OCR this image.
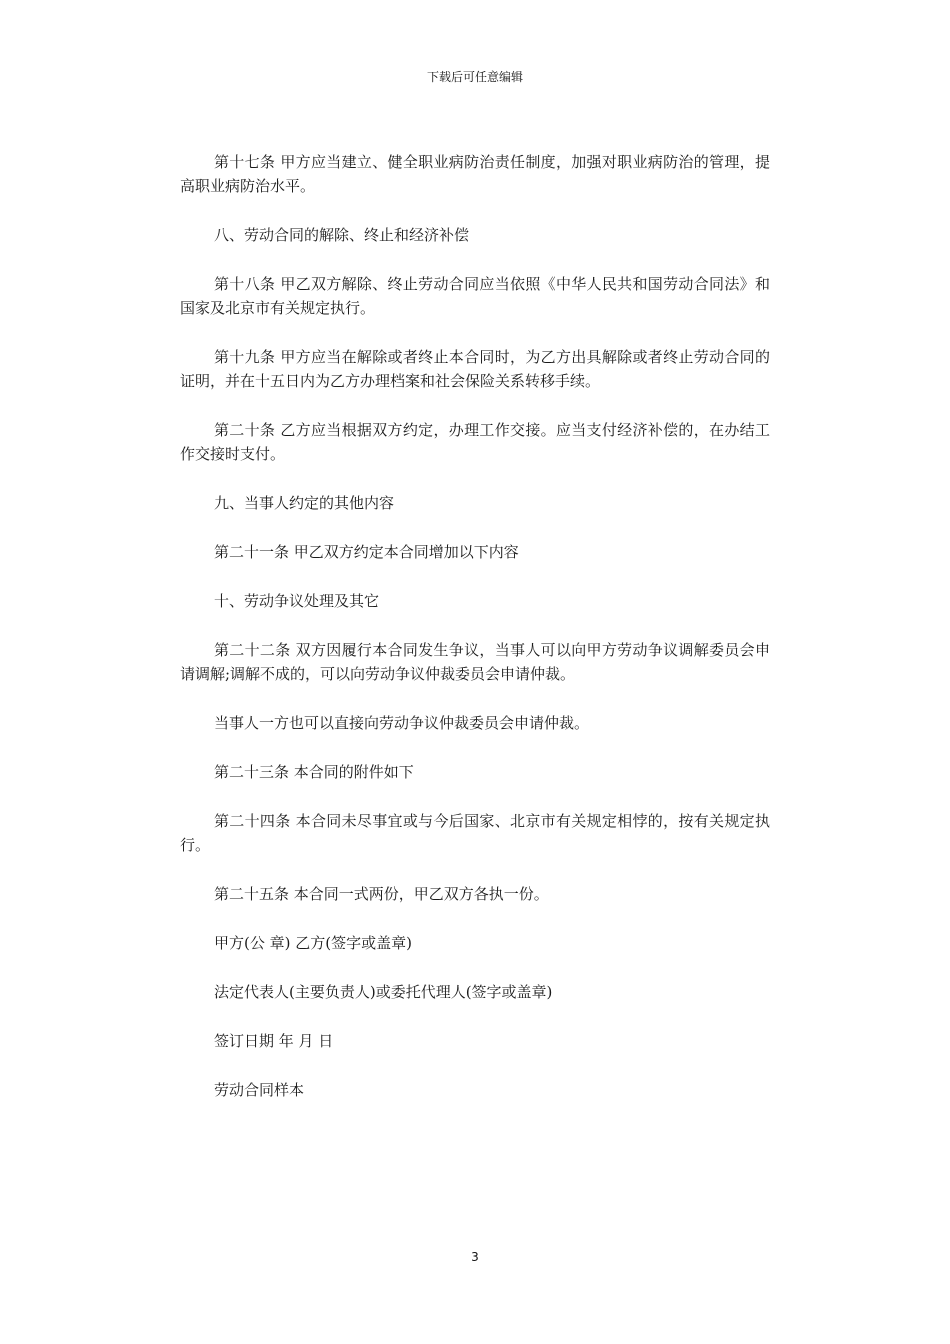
下载后可任意编辑

第十七条 甲方应当建立、健全职业病防治责任制度，加强对职业病防治的管理，提高职业病防治水平。

八、劳动合同的解除、终止和经济补偿

第十八条 甲乙双方解除、终止劳动合同应当依照《中华人民共和国劳动合同法》和国家及北京市有关规定执行。

第十九条 甲方应当在解除或者终止本合同时，为乙方出具解除或者终止劳动合同的证明，并在十五日内为乙方办理档案和社会保险关系转移手续。

第二十条 乙方应当根据双方约定，办理工作交接。应当支付经济补偿的，在办结工作交接时支付。

九、当事人约定的其他内容

第二十一条 甲乙双方约定本合同增加以下内容

十、劳动争议处理及其它

第二十二条 双方因履行本合同发生争议，当事人可以向甲方劳动争议调解委员会申请调解;调解不成的，可以向劳动争议仲裁委员会申请仲裁。

当事人一方也可以直接向劳动争议仲裁委员会申请仲裁。

第二十三条 本合同的附件如下

第二十四条 本合同未尽事宜或与今后国家、北京市有关规定相悖的，按有关规定执行。

第二十五条 本合同一式两份，甲乙双方各执一份。

甲方(公 章) 乙方(签字或盖章)

法定代表人(主要负责人)或委托代理人(签字或盖章)

签订日期 年 月 日

劳动合同样本

3
